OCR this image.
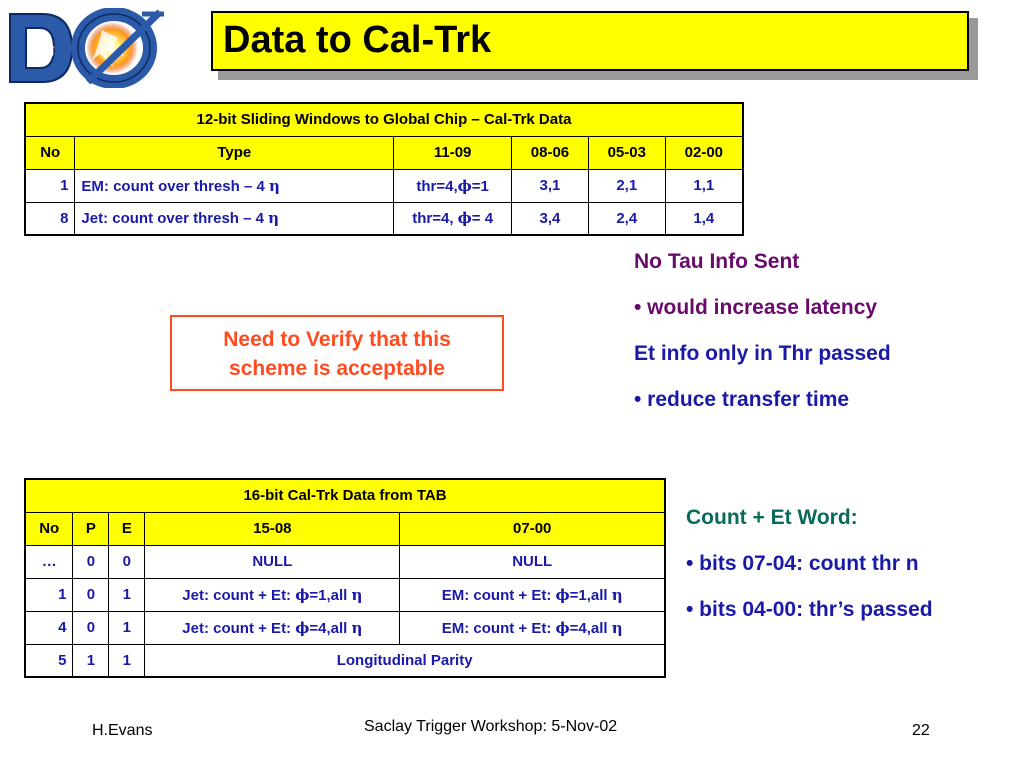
g	Data to Cal-Trk
12-bit Sliding Windows to Global Chip – Cal-Trk Data					
No	Type	11-09	08-06	05-03	02-00
1	EM: count over thresh – 4 η	thr=4,ϕ=1	3,1	2,1	1,1
8	Jet: count over thresh – 4 η	thr=4, ϕ= 4	3,4	2,4	1,4
Need to Verify that this
scheme is acceptable
No Tau Info Sent
• would increase latency
Et info only in Thr passed
• reduce transfer time
16-bit Cal-Trk Data from TAB				
No	P	E	15-08	07-00
…	0	0	NULL	NULL
1	0	1	Jet: count + Et: ϕ=1,all η	EM: count + Et: ϕ=1,all η
4	0	1	Jet: count + Et: ϕ=4,all η	EM: count + Et: ϕ=4,all η
5	1	1	Longitudinal Parity	
Count + Et Word:
• bits 07-04: count thr n
• bits 04-00: thr’s passed
H.Evans	Saclay Trigger Workshop: 5-Nov-02	22
